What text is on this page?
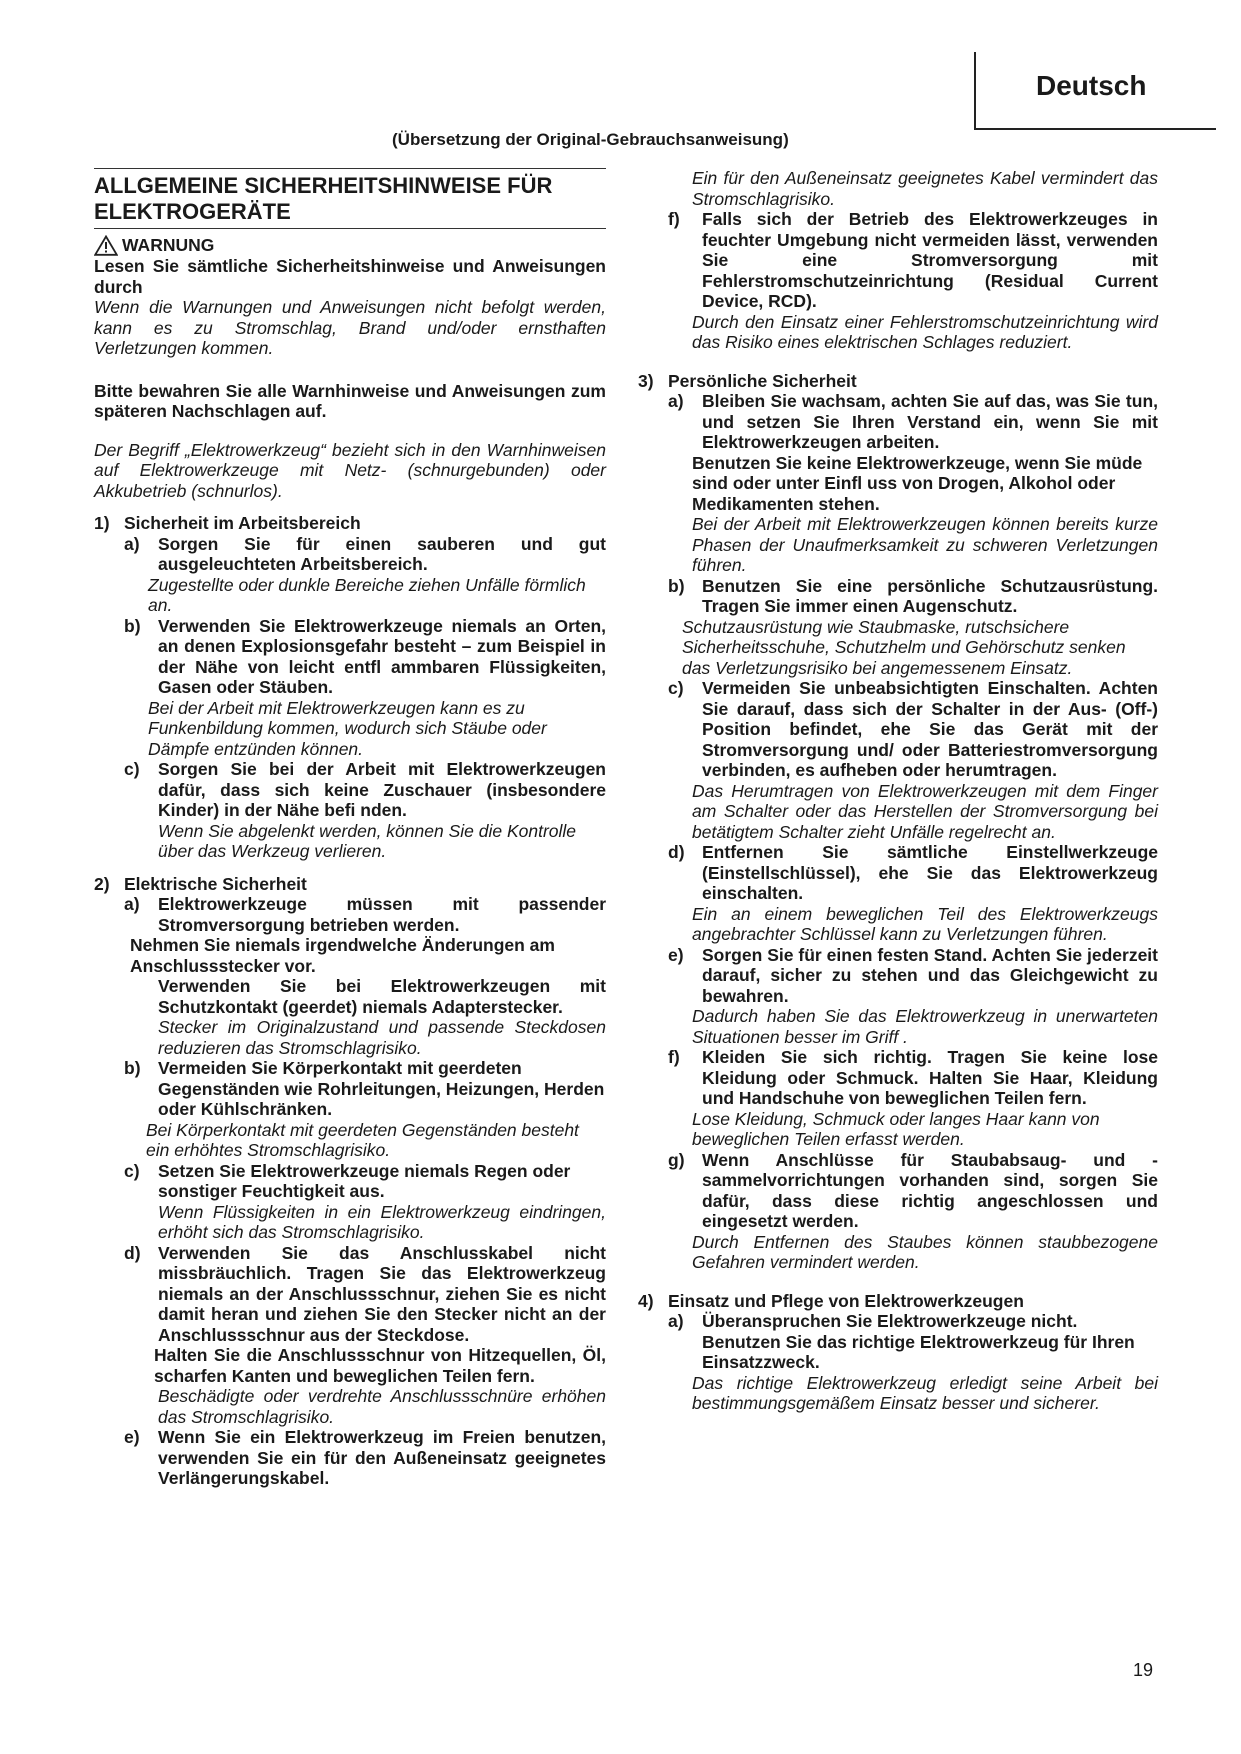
Deutsch
(Übersetzung der Original-Gebrauchsanweisung)
ALLGEMEINE SICHERHEITSHINWEISE FÜR ELEKTROGERÄTE
WARNUNG

Lesen Sie sämtliche Sicherheitshinweise und Anweisungen durch

Wenn die Warnungen und Anweisungen nicht befolgt werden, kann es zu Stromschlag, Brand und/oder ernsthaften Verletzungen kommen.

Bitte bewahren Sie alle Warnhinweise und Anweisungen zum späteren Nachschlagen auf.

Der Begriff „Elektrowerkzeug“ bezieht sich in den Warnhinweisen auf Elektrowerkzeuge mit Netz- (schnurgebunden) oder Akkubetrieb (schnurlos).

1) Sicherheit im Arbeitsbereich
a)	Sorgen Sie für einen sauberen und gut ausgeleuchteten Arbeitsbereich.

Zugestellte oder dunkle Bereiche ziehen Unfälle förmlich an.

b) Verwenden Sie Elektrowerkzeuge niemals an Orten, an denen Explosionsgefahr besteht – zum Beispiel in der Nähe von leicht entfl ammbaren Flüssigkeiten, Gasen oder Stäuben.

Bei der Arbeit mit Elektrowerkzeugen kann es zu Funkenbildung kommen, wodurch sich Stäube oder Dämpfe entzünden können.

c)	Sorgen Sie bei der Arbeit mit Elektrowerkzeugen dafür, dass sich keine Zuschauer (insbesondere Kinder) in der Nähe befi nden.

Wenn Sie abgelenkt werden, können Sie die Kontrolle über das Werkzeug verlieren.

2) Elektrische Sicherheit
a)	Elektrowerkzeuge müssen mit passender Stromversorgung betrieben werden.

Nehmen Sie niemals irgendwelche Änderungen am Anschlussstecker vor.

Verwenden Sie bei Elektrowerkzeugen mit Schutzkontakt (geerdet) niemals Adapterstecker.

Stecker im Originalzustand und passende Steckdosen reduzieren das Stromschlagrisiko.

b) Vermeiden Sie Körperkontakt mit geerdeten Gegenständen wie Rohrleitungen, Heizungen, Herden oder Kühlschränken.

Bei Körperkontakt mit geerdeten Gegenständen besteht ein erhöhtes Stromschlagrisiko.

c)	Setzen Sie Elektrowerkzeuge niemals Regen oder sonstiger Feuchtigkeit aus.

Wenn Flüssigkeiten in ein Elektrowerkzeug eindringen, erhöht sich das Stromschlagrisiko.

d) Verwenden Sie das Anschlusskabel nicht missbräuchlich. Tragen Sie das Elektrowerkzeug niemals an der Anschlussschnur, ziehen Sie es nicht damit heran und ziehen Sie den Stecker nicht an der Anschlussschnur aus der Steckdose.

Halten Sie die Anschlussschnur von Hitzequellen, Öl, scharfen Kanten und beweglichen Teilen fern.

Beschädigte oder verdrehte Anschlussschnüre erhöhen das Stromschlagrisiko.

e)	Wenn Sie ein Elektrowerkzeug im Freien benutzen, verwenden Sie ein für den Außeneinsatz geeignetes Verlängerungskabel.

Ein für den Außeneinsatz geeignetes Kabel vermindert das Stromschlagrisiko.

f)	Falls sich der Betrieb des Elektrowerkzeuges in feuchter Umgebung nicht vermeiden lässt, verwenden Sie eine Stromversorgung mit Fehlerstromschutzeinrichtung (Residual Current Device, RCD).

Durch den Einsatz einer Fehlerstromschutzeinrichtung wird das Risiko eines elektrischen Schlages reduziert.

3) Persönliche Sicherheit
a)	Bleiben Sie wachsam, achten Sie auf das, was Sie tun, und setzen Sie Ihren Verstand ein, wenn Sie mit Elektrowerkzeugen arbeiten.

Benutzen Sie keine Elektrowerkzeuge, wenn Sie müde sind oder unter Einfl uss von Drogen, Alkohol oder Medikamenten stehen.

Bei der Arbeit mit Elektrowerkzeugen können bereits kurze Phasen der Unaufmerksamkeit zu schweren Verletzungen führen.

b) Benutzen Sie eine persönliche Schutzausrüstung. Tragen Sie immer einen Augenschutz.

Schutzausrüstung wie Staubmaske, rutschsichere Sicherheitsschuhe, Schutzhelm und Gehörschutz senken das Verletzungsrisiko bei angemessenem Einsatz.

c)	Vermeiden Sie unbeabsichtigten Einschalten. Achten Sie darauf, dass sich der Schalter in der Aus- (Off-) Position befindet, ehe Sie das Gerät mit der Stromversorgung und/ oder Batteriestromversorgung verbinden, es aufheben oder herumtragen.

Das Herumtragen von Elektrowerkzeugen mit dem Finger am Schalter oder das Herstellen der Stromversorgung bei betätigtem Schalter zieht Unfälle regelrecht an.

d) Entfernen Sie sämtliche Einstellwerkzeuge (Einstellschlüssel), ehe Sie das Elektrowerkzeug einschalten.

Ein an einem beweglichen Teil des Elektrowerkzeugs angebrachter Schlüssel kann zu Verletzungen führen.

e)	Sorgen Sie für einen festen Stand. Achten Sie jederzeit darauf, sicher zu stehen und das Gleichgewicht zu bewahren.

Dadurch haben Sie das Elektrowerkzeug in unerwarteten Situationen besser im Griff .

f)	Kleiden Sie sich richtig. Tragen Sie keine lose Kleidung oder Schmuck. Halten Sie Haar, Kleidung und Handschuhe von beweglichen Teilen fern.

Lose Kleidung, Schmuck oder langes Haar kann von beweglichen Teilen erfasst werden.

g) Wenn Anschlüsse für Staubabsaug- und -sammelvorrichtungen vorhanden sind, sorgen Sie dafür, dass diese richtig angeschlossen und eingesetzt werden.

Durch Entfernen des Staubes können staubbezogene Gefahren vermindert werden.

4) Einsatz und Pflege von Elektrowerkzeugen
a)	Überanspruchen Sie Elektrowerkzeuge nicht. Benutzen Sie das richtige Elektrowerkzeug für Ihren Einsatzzweck.

Das richtige Elektrowerkzeug erledigt seine Arbeit bei bestimmungsgemäßem Einsatz besser und sicherer.

19
